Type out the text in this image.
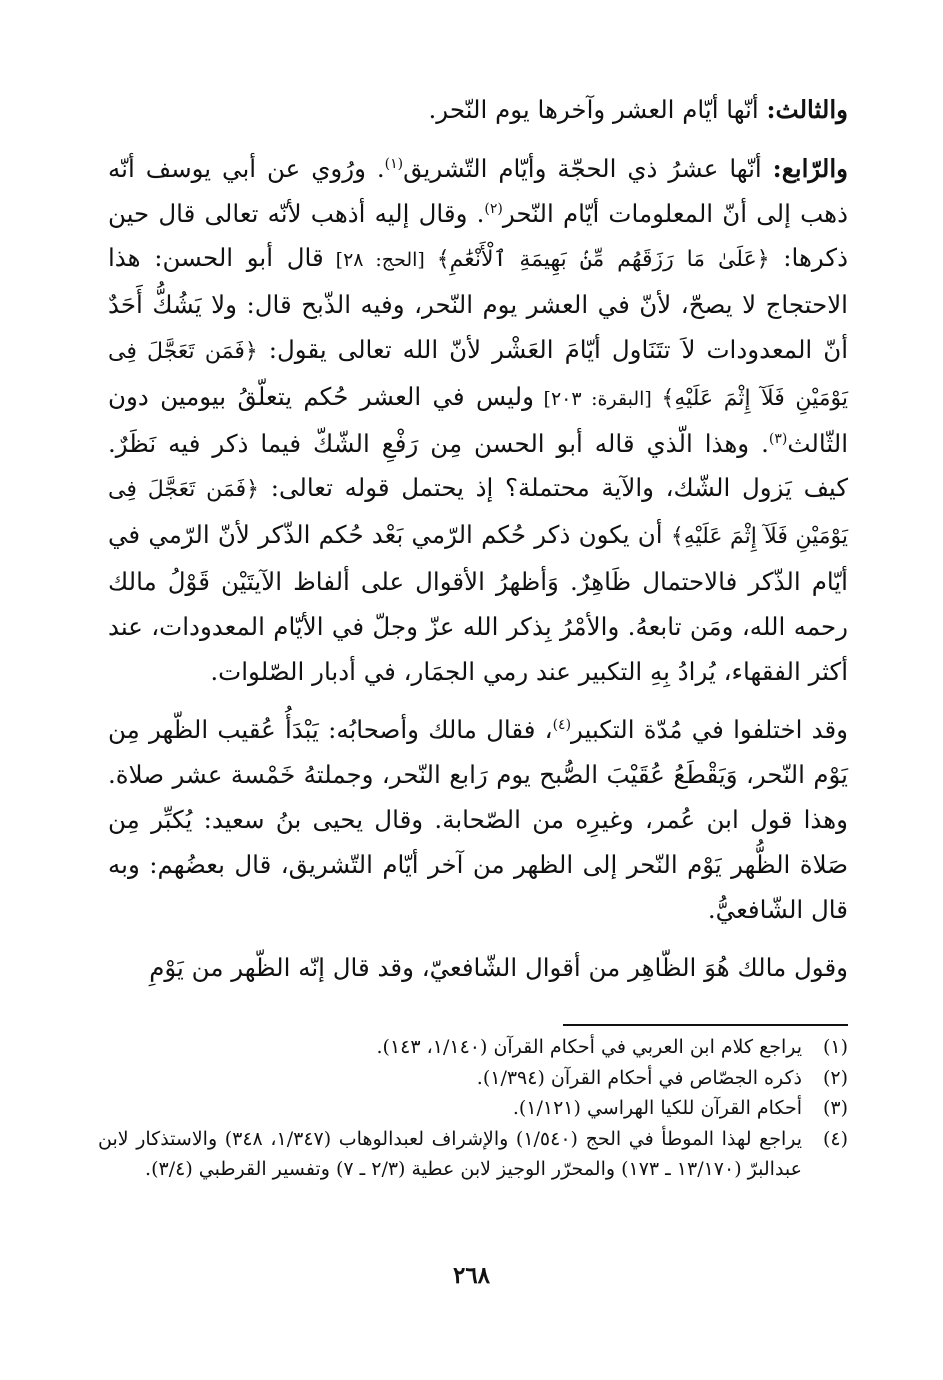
والثالث: أنّها أيّام العشر وآخرها يوم النّحر.

والرّابع: أنّها عشرُ ذي الحجّة وأيّام التّشريق$^{(١)}$. ورُوي عن أبي يوسف أنّه ذهب إلى أنّ المعلومات أيّام النّحر$^{(٢)}$. وقال إليه أذهب لأنّه تعالى قال حين ذكرها: ﴿عَلَىٰ مَا رَزَقَهُم مِّنۢ بَهِيمَةِ ٱلْأَنْعَٰمِ﴾ [الحج: ٢٨] قال أبو الحسن: هذا الاحتجاج لا يصحّ، لأنّ في العشر يوم النّحر، وفيه الذّبح قال: ولا يَشُكُّ أَحَدٌ أنّ المعدودات لاَ تتَنَاول أيّامَ العَشْر لأنّ الله تعالى يقول: ﴿فَمَن تَعَجَّلَ فِى يَوْمَيْنِ فَلَآ إِثْمَ عَلَيْهِ﴾ [البقرة: ٢٠٣] وليس في العشر حُكم يتعلّقُ بيومين دون الثّالث$^{(٣)}$. وهذا الّذي قاله أبو الحسن مِن رَفْعِ الشّكّ فيما ذكر فيه نَظَرٌ. كيف يَزول الشّك، والآية محتملة؟ إذ يحتمل قوله تعالى: ﴿فَمَن تَعَجَّلَ فِى يَوْمَيْنِ فَلَآ إِثْمَ عَلَيْهِ﴾ أن يكون ذكر حُكم الرّمي بَعْد حُكم الذّكر لأنّ الرّمي في أيّام الذّكر فالاحتمال ظَاهِرٌ. وَأظهرُ الأقوال على ألفاظ الآيتَيْن قَوْلُ مالك رحمه الله، ومَن تابعهُ. والأمْرُ بِذكر الله عزّ وجلّ في الأيّام المعدودات، عند أكثر الفقهاء، يُرادُ بِهِ التكبير عند رمي الجمَار، في أدبار الصّلوات.

وقد اختلفوا في مُدّة التكبير$^{(٤)}$، فقال مالك وأصحابُه: يَبْدَأُ عُقيب الظّهر مِن يَوْم النّحر، وَيَقْطَعُ عُقَيْبَ الصُّبح يوم رَابع النّحر، وجملتهُ خَمْسة عشر صلاة. وهذا قول ابن عُمر، وغيرِه من الصّحابة. وقال يحيى بنُ سعيد: يُكبِّر مِن صَلاة الظُّهر يَوْم النّحر إلى الظهر من آخر أيّام التّشريق، قال بعضُهم: وبه قال الشّافعيُّ.

وقول مالك هُوَ الظّاهِر من أقوال الشّافعيّ، وقد قال إنّه الظّهر من يَوْمِ

(١)
يراجع كلام ابن العربي في أحكام القرآن (١/١٤٠، ١٤٣).

(٢)
ذكره الجصّاص في أحكام القرآن (١/٣٩٤).

(٣)
أحكام القرآن للكيا الهراسي (١/١٢١).

(٤)
يراجع لهذا الموطأ في الحج (١/٥٤٠) والإشراف لعبدالوهاب (١/٣٤٧، ٣٤٨) والاستذكار لابن عبدالبرّ (١٣/١٧٠ ـ ١٧٣) والمحرّر الوجيز لابن عطية (٢/٣ ـ ٧) وتفسير القرطبي (٣/٤).

٢٦٨
